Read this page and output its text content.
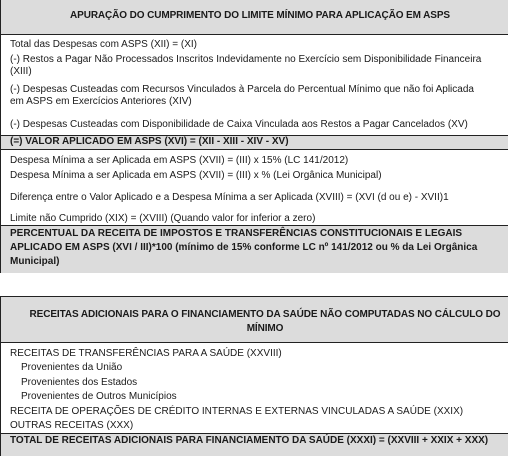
APURAÇÃO DO CUMPRIMENTO DO LIMITE MÍNIMO PARA APLICAÇÃO EM ASPS
Total das Despesas com ASPS (XII) = (XI)
(-) Restos a Pagar Não Processados Inscritos Indevidamente no Exercício sem Disponibilidade Financeira
(XIII)
(-) Despesas Custeadas com Recursos Vinculados à Parcela do Percentual Mínimo que não foi Aplicada
em ASPS em Exercícios Anteriores (XIV)
(-) Despesas Custeadas com Disponibilidade de Caixa Vinculada aos Restos a Pagar Cancelados (XV)
(=) VALOR APLICADO EM ASPS (XVI) = (XII - XIII - XIV - XV)
Despesa Mínima a ser Aplicada em ASPS (XVII) = (III) x 15% (LC 141/2012)
Despesa Mínima a ser Aplicada em ASPS (XVII) = (III) x % (Lei Orgânica Municipal)
Diferença entre o Valor Aplicado e a Despesa Mínima a ser Aplicada (XVIII) = (XVI (d ou e) - XVII)1
Limite não Cumprido (XIX) = (XVIII) (Quando valor for inferior a zero)
PERCENTUAL DA RECEITA DE IMPOSTOS E TRANSFERÊNCIAS CONSTITUCIONAIS E LEGAIS
APLICADO EM ASPS (XVI / III)*100 (mínimo de 15% conforme LC nº 141/2012 ou % da Lei Orgânica
Municipal)
RECEITAS ADICIONAIS PARA O FINANCIAMENTO DA SAÚDE NÃO COMPUTADAS NO CÁLCULO DO MÍNIMO
RECEITAS DE TRANSFERÊNCIAS PARA A SAÚDE (XXVIII)
Provenientes da União
Provenientes dos Estados
Provenientes de Outros Municípios
RECEITA DE OPERAÇÕES DE CRÉDITO INTERNAS E EXTERNAS VINCULADAS A SAÚDE (XXIX)
OUTRAS RECEITAS (XXX)
TOTAL DE RECEITAS ADICIONAIS PARA FINANCIAMENTO DA SAÚDE (XXXI) = (XXVIII + XXIX + XXX)
